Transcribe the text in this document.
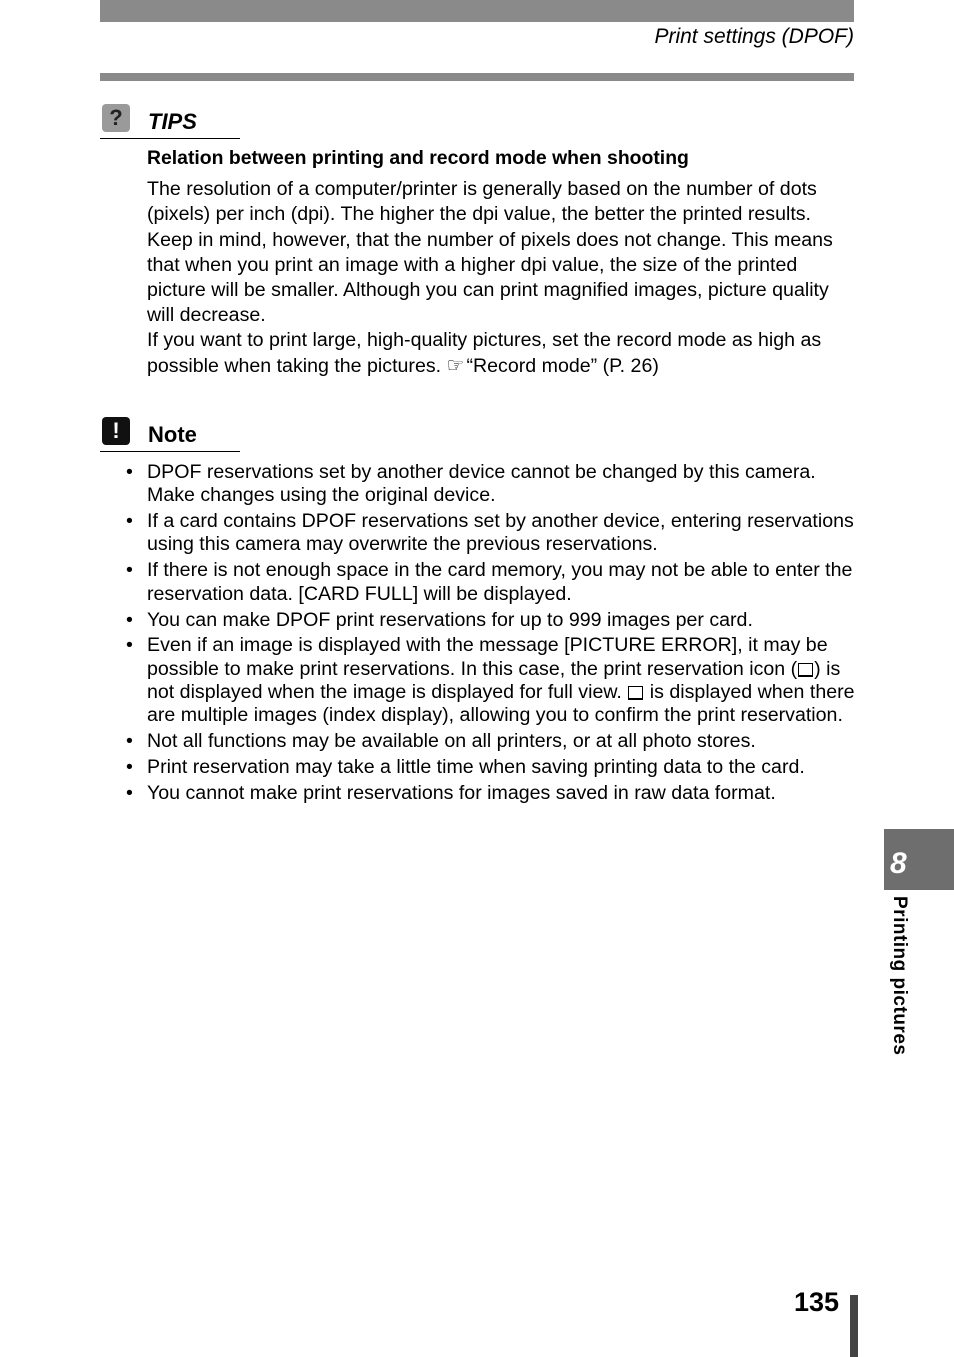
Print settings (DPOF)
?	TIPS
Relation between printing and record mode when shooting

The resolution of a computer/printer is generally based on the number of dots (pixels) per inch (dpi). The higher the dpi value, the better the printed results. Keep in mind, however, that the number of pixels does not change. This means that when you print an image with a higher dpi value, the size of the printed picture will be smaller. Although you can print magnified images, picture quality will decrease.

If you want to print large, high-quality pictures, set the record mode as high as possible when taking the pictures. ☞ “Record mode” (P. 26)

!	Note
• DPOF reservations set by another device cannot be changed by this camera. Make changes using the original device.
• If a card contains DPOF reservations set by another device, entering reservations using this camera may overwrite the previous reservations.
• If there is not enough space in the card memory, you may not be able to enter the reservation data. [CARD FULL] will be displayed.
• You can make DPOF print reservations for up to 999 images per card.
• Even if an image is displayed with the message [PICTURE ERROR], it may be possible to make print reservations. In this case, the print reservation icon ( ) is not displayed when the image is displayed for full view. is displayed when there are multiple images (index display), allowing you to confirm the print reservation.
• Not all functions may be available on all printers, or at all photo stores.
• Print reservation may take a little time when saving printing data to the card.
• You cannot make print reservations for images saved in raw data format.
8
Printing pictures
135
